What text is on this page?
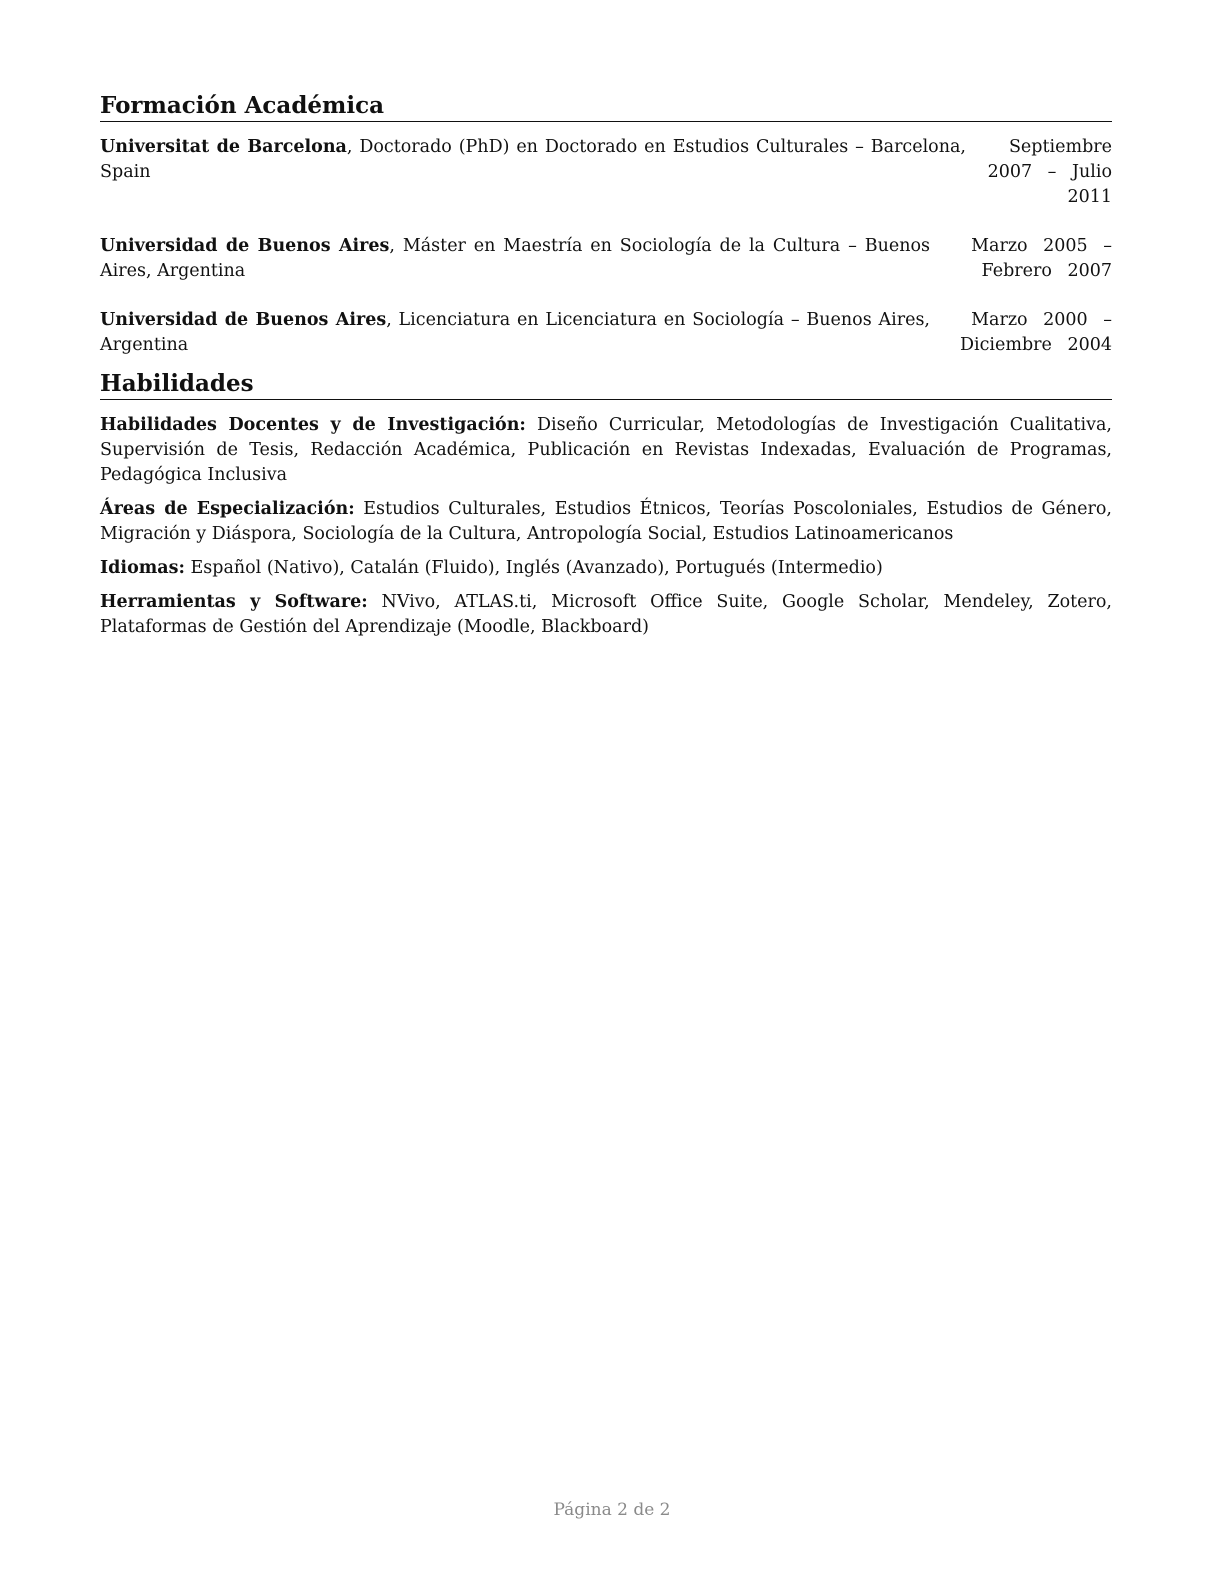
Formación Académica
Universitat de Barcelona, Doctorado (PhD) en Doctorado en Estudios Culturales – Barcelona, Spain
Septiembre 2007 – Julio 2011
Universidad de Buenos Aires, Máster en Maestría en Sociología de la Cultura – Buenos Aires, Argentina
Marzo 2005 – Febrero 2007
Universidad de Buenos Aires, Licenciatura en Licenciatura en Sociología – Buenos Aires, Argentina
Marzo 2000 – Diciembre 2004
Habilidades

Habilidades Docentes y de Investigación: Diseño Curricular, Metodologías de Investigación Cualitativa, Supervisión de Tesis, Redacción Académica, Publicación en Revistas Indexadas, Evaluación de Programas, Pedagógica Inclusiva

Áreas de Especialización: Estudios Culturales, Estudios Étnicos, Teorías Poscoloniales, Estudios de Género, Migración y Diáspora, Sociología de la Cultura, Antropología Social, Estudios Latinoamericanos

Idiomas: Español (Nativo), Catalán (Fluido), Inglés (Avanzado), Portugués (Intermedio)

Herramientas y Software: NVivo, ATLAS.ti, Microsoft Office Suite, Google Scholar, Mendeley, Zotero, Plataformas de Gestión del Aprendizaje (Moodle, Blackboard)

Página 2 de 2
